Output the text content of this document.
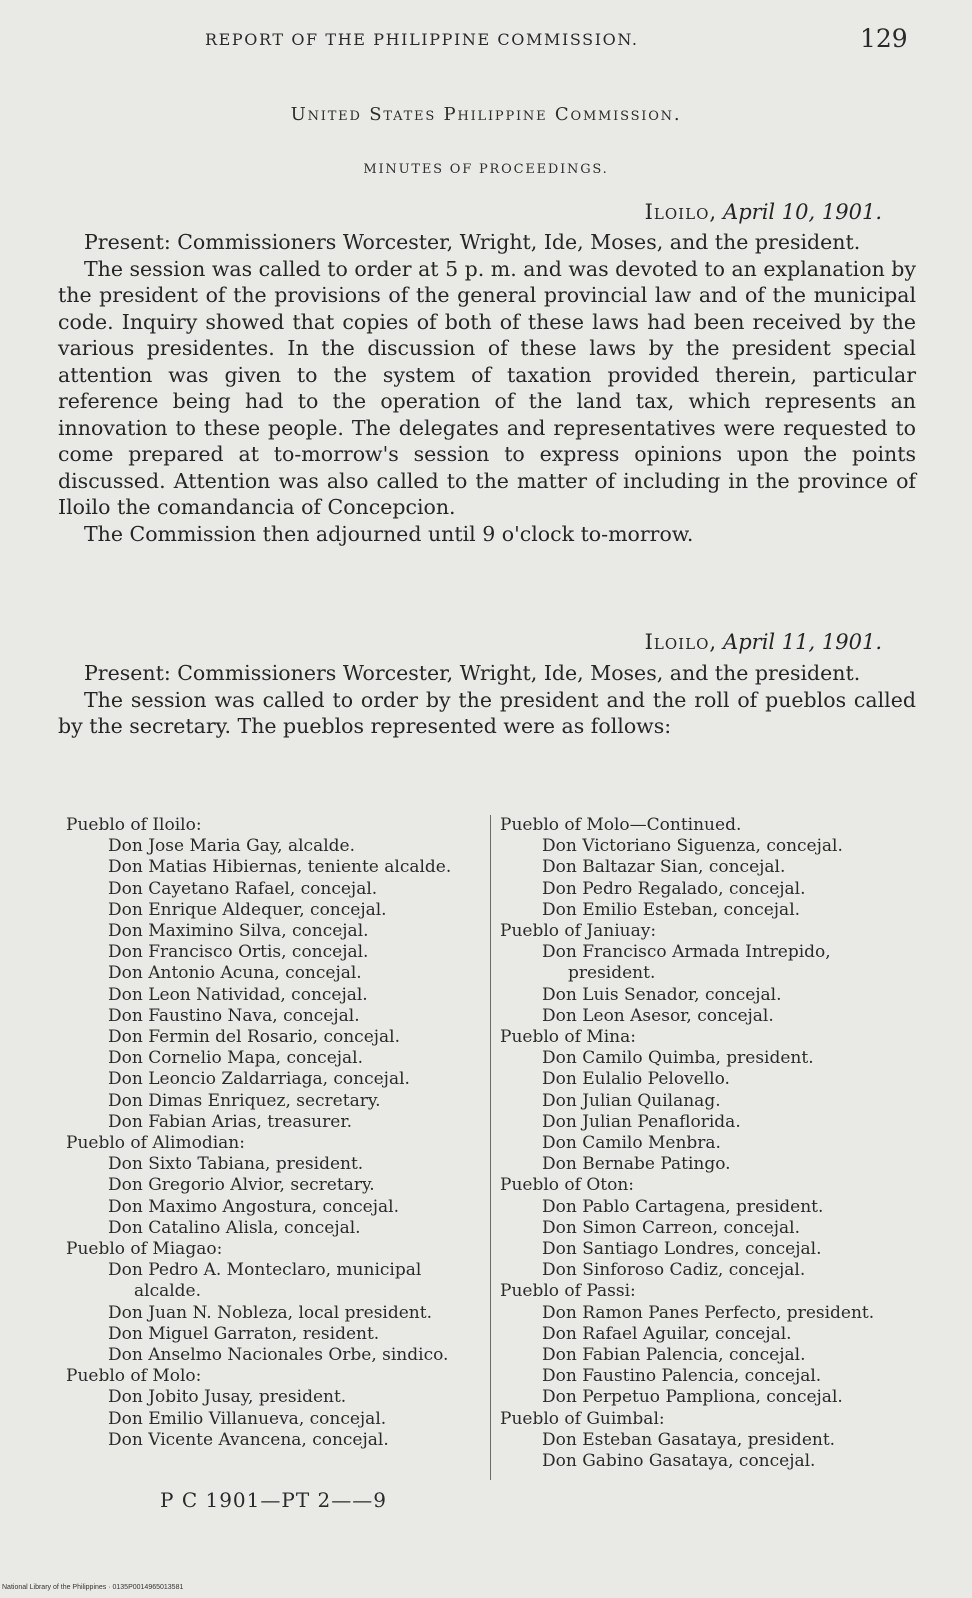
REPORT OF THE PHILIPPINE COMMISSION.	129
United States Philippine Commission.
MINUTES OF PROCEEDINGS.
Iloilo, April 10, 1901.

Present: Commissioners Worcester, Wright, Ide, Moses, and the president.

The session was called to order at 5 p. m. and was devoted to an explanation by the president of the provisions of the general provincial law and of the municipal code. Inquiry showed that copies of both of these laws had been received by the various presidentes. In the discussion of these laws by the president special attention was given to the system of taxation provided therein, particular reference being had to the operation of the land tax, which represents an innovation to these people. The delegates and representatives were requested to come prepared at to-morrow's session to express opinions upon the points discussed. Attention was also called to the matter of including in the province of Iloilo the comandancia of Concepcion.

The Commission then adjourned until 9 o'clock to-morrow.

Iloilo, April 11, 1901.

Present: Commissioners Worcester, Wright, Ide, Moses, and the president.

The session was called to order by the president and the roll of pueblos called by the secretary. The pueblos represented were as follows:

Pueblo of Iloilo:
Don Jose Maria Gay, alcalde.
Don Matias Hibiernas, teniente alcalde.
Don Cayetano Rafael, concejal.
Don Enrique Aldequer, concejal.
Don Maximino Silva, concejal.
Don Francisco Ortis, concejal.
Don Antonio Acuna, concejal.
Don Leon Natividad, concejal.
Don Faustino Nava, concejal.
Don Fermin del Rosario, concejal.
Don Cornelio Mapa, concejal.
Don Leoncio Zaldarriaga, concejal.
Don Dimas Enriquez, secretary.
Don Fabian Arias, treasurer.
Pueblo of Alimodian:
Don Sixto Tabiana, president.
Don Gregorio Alvior, secretary.
Don Maximo Angostura, concejal.
Don Catalino Alisla, concejal.
Pueblo of Miagao:
Don Pedro A. Monteclaro, municipal alcalde.
Don Juan N. Nobleza, local president.
Don Miguel Garraton, resident.
Don Anselmo Nacionales Orbe, sindico.
Pueblo of Molo:
Don Jobito Jusay, president.
Don Emilio Villanueva, concejal.
Don Vicente Avancena, concejal.
Pueblo of Molo—Continued.
Don Victoriano Siguenza, concejal.
Don Baltazar Sian, concejal.
Don Pedro Regalado, concejal.
Don Emilio Esteban, concejal.
Pueblo of Janiuay:
Don Francisco Armada Intrepido, president.
Don Luis Senador, concejal.
Don Leon Asesor, concejal.
Pueblo of Mina:
Don Camilo Quimba, president.
Don Eulalio Pelovello.
Don Julian Quilanag.
Don Julian Penaflorida.
Don Camilo Menbra.
Don Bernabe Patingo.
Pueblo of Oton:
Don Pablo Cartagena, president.
Don Simon Carreon, concejal.
Don Santiago Londres, concejal.
Don Sinforoso Cadiz, concejal.
Pueblo of Passi:
Don Ramon Panes Perfecto, president.
Don Rafael Aguilar, concejal.
Don Fabian Palencia, concejal.
Don Faustino Palencia, concejal.
Don Perpetuo Pampliona, concejal.
Pueblo of Guimbal:
Don Esteban Gasataya, president.
Don Gabino Gasataya, concejal.
P C 1901—PT 2——9
National Library of the Philippines · 0135P0014965013581
